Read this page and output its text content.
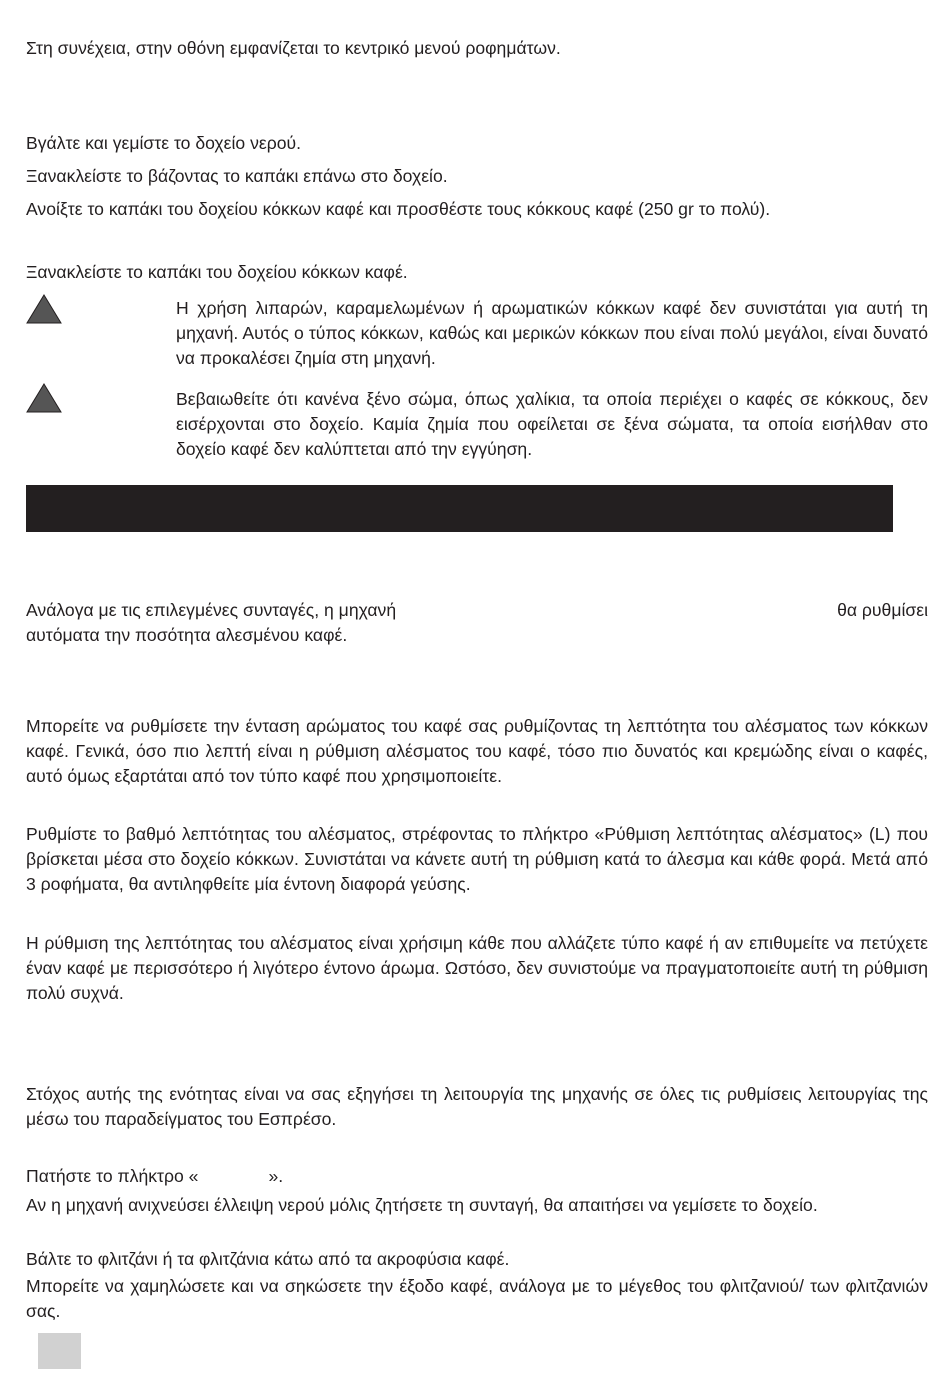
Στη συνέχεια, στην οθόνη εμφανίζεται το κεντρικό μενού ροφημάτων.
Βγάλτε και γεμίστε το δοχείο νερού.
Ξανακλείστε το βάζοντας το καπάκι επάνω στο δοχείο.
Ανοίξτε το καπάκι του δοχείου κόκκων καφέ και προσθέστε τους κόκκους καφέ (250 gr το πολύ).
Ξανακλείστε το καπάκι του δοχείου κόκκων καφέ.
Η χρήση λιπαρών, καραμελωμένων ή αρωματικών κόκκων καφέ δεν συνιστάται για αυτή τη μηχανή. Αυτός ο τύπος κόκκων, καθώς και μερικών κόκκων που είναι πολύ μεγάλοι, είναι δυνατό να προκαλέσει ζημία στη μηχανή.
Βεβαιωθείτε ότι κανένα ξένο σώμα, όπως χαλίκια, τα οποία περιέχει ο καφές σε κόκκους, δεν εισέρχονται στο δοχείο. Καμία ζημία που οφείλεται σε ξένα σώματα, τα οποία εισήλθαν στο δοχείο καφέ δεν καλύπτεται από την εγγύηση.
Ανάλογα με τις επιλεγμένες συνταγές, η μηχανή	θα ρυθμίσει
αυτόματα την ποσότητα αλεσμένου καφέ.
Μπορείτε να ρυθμίσετε την ένταση αρώματος του καφέ σας ρυθμίζοντας τη λεπτότητα του αλέσματος των κόκκων καφέ. Γενικά, όσο πιο λεπτή είναι η ρύθμιση αλέσματος του καφέ, τόσο πιο δυνατός και κρεμώδης είναι ο καφές, αυτό όμως εξαρτάται από τον τύπο καφέ που χρησιμοποιείτε.
Ρυθμίστε το βαθμό λεπτότητας του αλέσματος, στρέφοντας το πλήκτρο «Ρύθμιση λεπτότητας αλέσματος» (L) που βρίσκεται μέσα στο δοχείο κόκκων. Συνιστάται να κάνετε αυτή τη ρύθμιση κατά το άλεσμα και κάθε φορά. Μετά από 3 ροφήματα, θα αντιληφθείτε μία έντονη διαφορά γεύσης.
Η ρύθμιση της λεπτότητας του αλέσματος είναι χρήσιμη κάθε που αλλάζετε τύπο καφέ ή αν επιθυμείτε να πετύχετε έναν καφέ με περισσότερο ή λιγότερο έντονο άρωμα. Ωστόσο, δεν συνιστούμε να πραγματοποιείτε αυτή τη ρύθμιση πολύ συχνά.
Στόχος αυτής της ενότητας είναι να σας εξηγήσει τη λειτουργία της μηχανής σε όλες τις ρυθμίσεις λειτουργίας της μέσω του παραδείγματος του Εσπρέσο.
Πατήστε το πλήκτρο «	».
Αν η μηχανή ανιχνεύσει έλλειψη νερού μόλις ζητήσετε τη συνταγή, θα απαιτήσει να γεμίσετε το δοχείο.
Βάλτε το φλιτζάνι ή τα φλιτζάνια κάτω από τα ακροφύσια καφέ.
Μπορείτε να χαμηλώσετε και να σηκώσετε την έξοδο καφέ, ανάλογα με το μέγεθος του φλιτζανιού/ των φλιτζανιών σας.
